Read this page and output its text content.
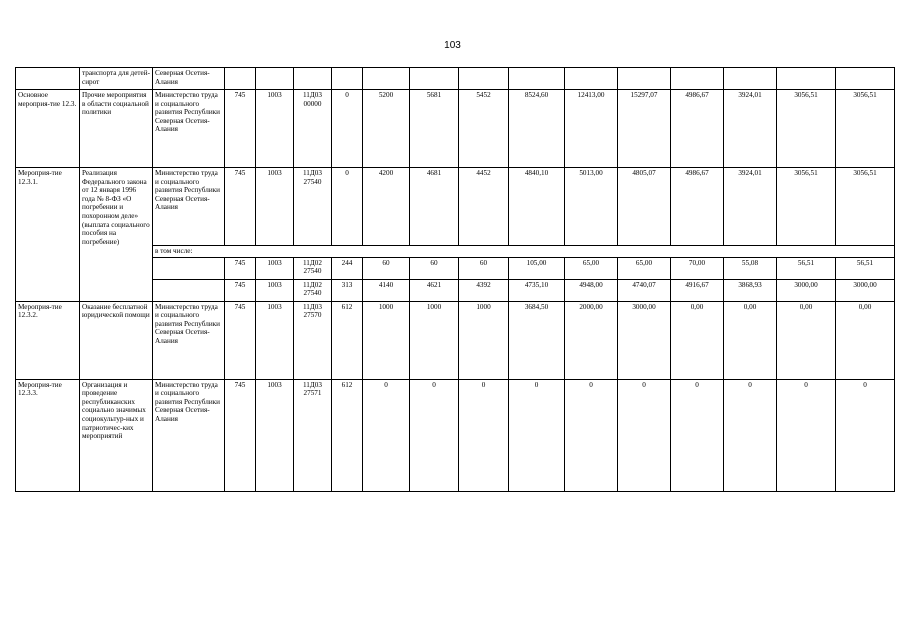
103
	транспорта для детей-сирот	Северная Осетия-Алания														
Основное мероприя-тие 12.3.	Прочие мероприятия в области социальной политики	Министерство труда и социального развития Республики Северная Осетия-Алания	745	1003	11Д03 00000	0	5200	5681	5452	8524,60	12413,00	15297,07	4986,67	3924,01	3056,51	3056,51
Мероприя-тие 12.3.1.	Реализация Федерального закона от 12 января 1996 года № 8-ФЗ «О погребении и похоронном деле» (выплата социального пособия на погребение)	Министерство труда и социального развития Республики Северная Осетия-Алания	745	1003	11Д03 27540	0	4200	4681	4452	4840,10	5013,00	4805,07	4986,67	3924,01	3056,51	3056,51
		в том числе:														
			745	1003	11Д02 27540	244	60	60	60	105,00	65,00	65,00	70,00	55,08	56,51	56,51
			745	1003	11Д02 27540	313	4140	4621	4392	4735,10	4948,00	4740,07	4916,67	3868,93	3000,00	3000,00
Мероприя-тие 12.3.2.	Оказание бесплатной юридической помощи	Министерство труда и социального развития Республики Северная Осетия-Алания	745	1003	11Д03 27570	612	1000	1000	1000	3684,50	2000,00	3000,00	0,00	0,00	0,00	0,00
Мероприя-тие 12.3.3.	Организация и проведение республиканских социально значимых социокультур-ных и патриотичес-ких мероприятий	Министерство труда и социального развития Республики Северная Осетия-Алания	745	1003	11Д03 27571	612	0	0	0	0	0	0	0	0	0	0
